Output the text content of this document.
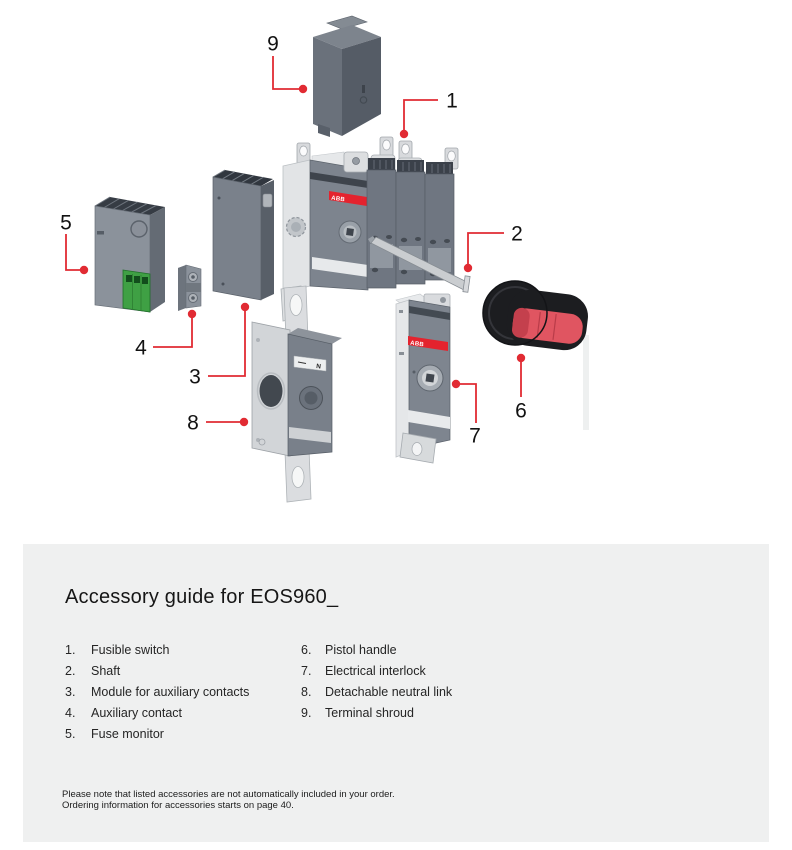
ABB
N
ABB
9
1
2
5
4
3
8
7
6
Accessory guide for EOS960_
1.	Fusible switch
2.	Shaft
3.	Module for auxiliary contacts
4.	Auxiliary contact
5.	Fuse monitor
6.	Pistol handle
7.	Electrical interlock
8.	Detachable neutral link
9.	Terminal shroud
Please note that listed accessories are not automatically included in your order.
Ordering information for accessories starts on page 40.
